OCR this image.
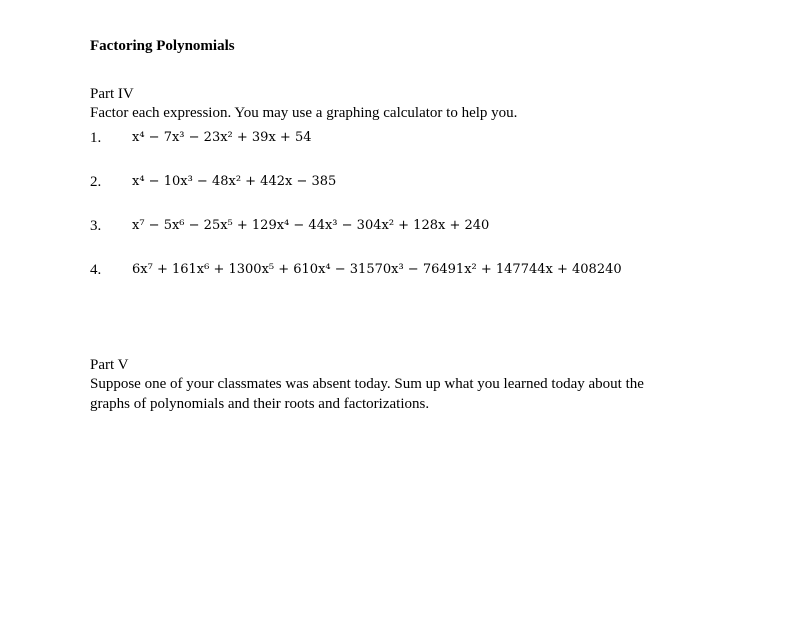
Factoring Polynomials
Part IV
Factor each expression. You may use a graphing calculator to help you.
1. x⁴ − 7x³ − 23x² + 39x + 54
2. x⁴ − 10x³ − 48x² + 442x − 385
3. x⁷ − 5x⁶ − 25x⁵ + 129x⁴ − 44x³ − 304x² + 128x + 240
4. 6x⁷ + 161x⁶ + 1300x⁵ + 610x⁴ − 31570x³ − 76491x² + 147744x + 408240
Part V
Suppose one of your classmates was absent today. Sum up what you learned today about the
graphs of polynomials and their roots and factorizations.
